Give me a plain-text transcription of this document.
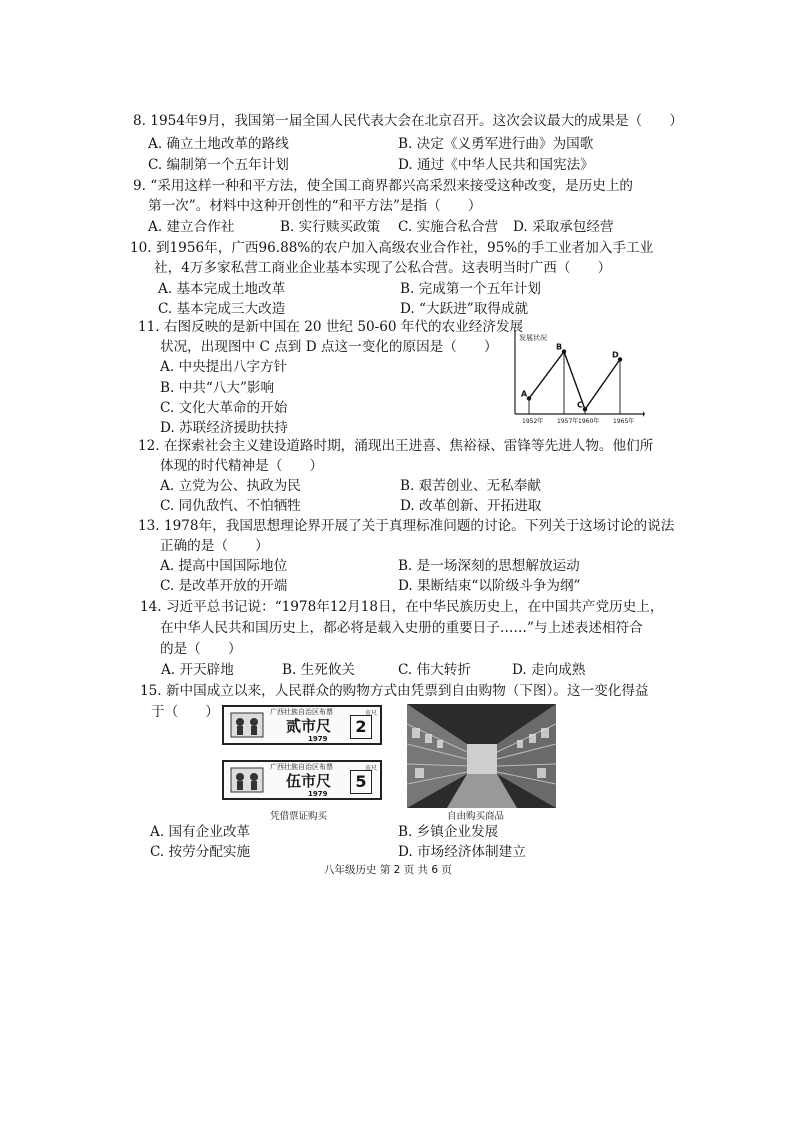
8. 1954年9月，我国第一届全国人民代表大会在北京召开。这次会议最大的成果是（　　）
A. 确立土地改革的路线	B. 决定《义勇军进行曲》为国歌
C. 编制第一个五年计划	D. 通过《中华人民共和国宪法》
9. “采用这样一种和平方法，使全国工商界都兴高采烈来接受这种改变，是历史上的
第一次”。材料中这种开创性的“和平方法”是指（　　）
A. 建立合作社	B. 实行赎买政策 C. 实施合私合营 D. 采取承包经营
10. 到1956年，广西96.88%的农户加入高级农业合作社，95%的手工业者加入手工业
社，4万多家私营工商业企业基本实现了公私合营。这表明当时广西（　　）
A. 基本完成土地改革	B. 完成第一个五年计划
C. 基本完成三大改造	D. “大跃进”取得成就
11. 右图反映的是新中国在 20 世纪 50-60 年代的农业经济发展
状况，出现图中 C 点到 D 点这一变化的原因是（　　）
A. 中央提出八字方针
B. 中共“八大”影响
C. 文化大革命的开始
D. 苏联经济援助扶持
发展状况
A
1952年
B
1957年
C
1960年
D
1965年
12. 在探索社会主义建设道路时期，涌现出王进喜、焦裕禄、雷锋等先进人物。他们所
体现的时代精神是（　　）
A. 立党为公、执政为民	B. 艰苦创业、无私奉献
C. 同仇敌忾、不怕牺牲	D. 改革创新、开拓进取
13. 1978年，我国思想理论界开展了关于真理标准问题的讨论。下列关于这场讨论的说法
正确的是（　　）
A. 提高中国国际地位	B. 是一场深刻的思想解放运动
C. 是改革开放的开端	D. 果断结束“以阶级斗争为纲”
14. 习近平总书记说：“1978年12月18日，在中华民族历史上，在中国共产党历史上，
在中华人民共和国历史上，都必将是载入史册的重要日子……”与上述表述相符合
的是（　　）
A. 开天辟地	B. 生死攸关	C. 伟大转折	D. 走向成熟
15. 新中国成立以来，人民群众的购物方式由凭票到自由购物（下图）。这一变化得益
于（　　）	广西壮族自治区布票	市尺
贰市尺
1979
2
广西壮族自治区布票	市尺
伍市尺
1979
5
凭借票证购买	自由购买商品
A. 国有企业改革	B. 乡镇企业发展
C. 按劳分配实施	D. 市场经济体制建立
八年级历史 第 2 页 共 6 页
